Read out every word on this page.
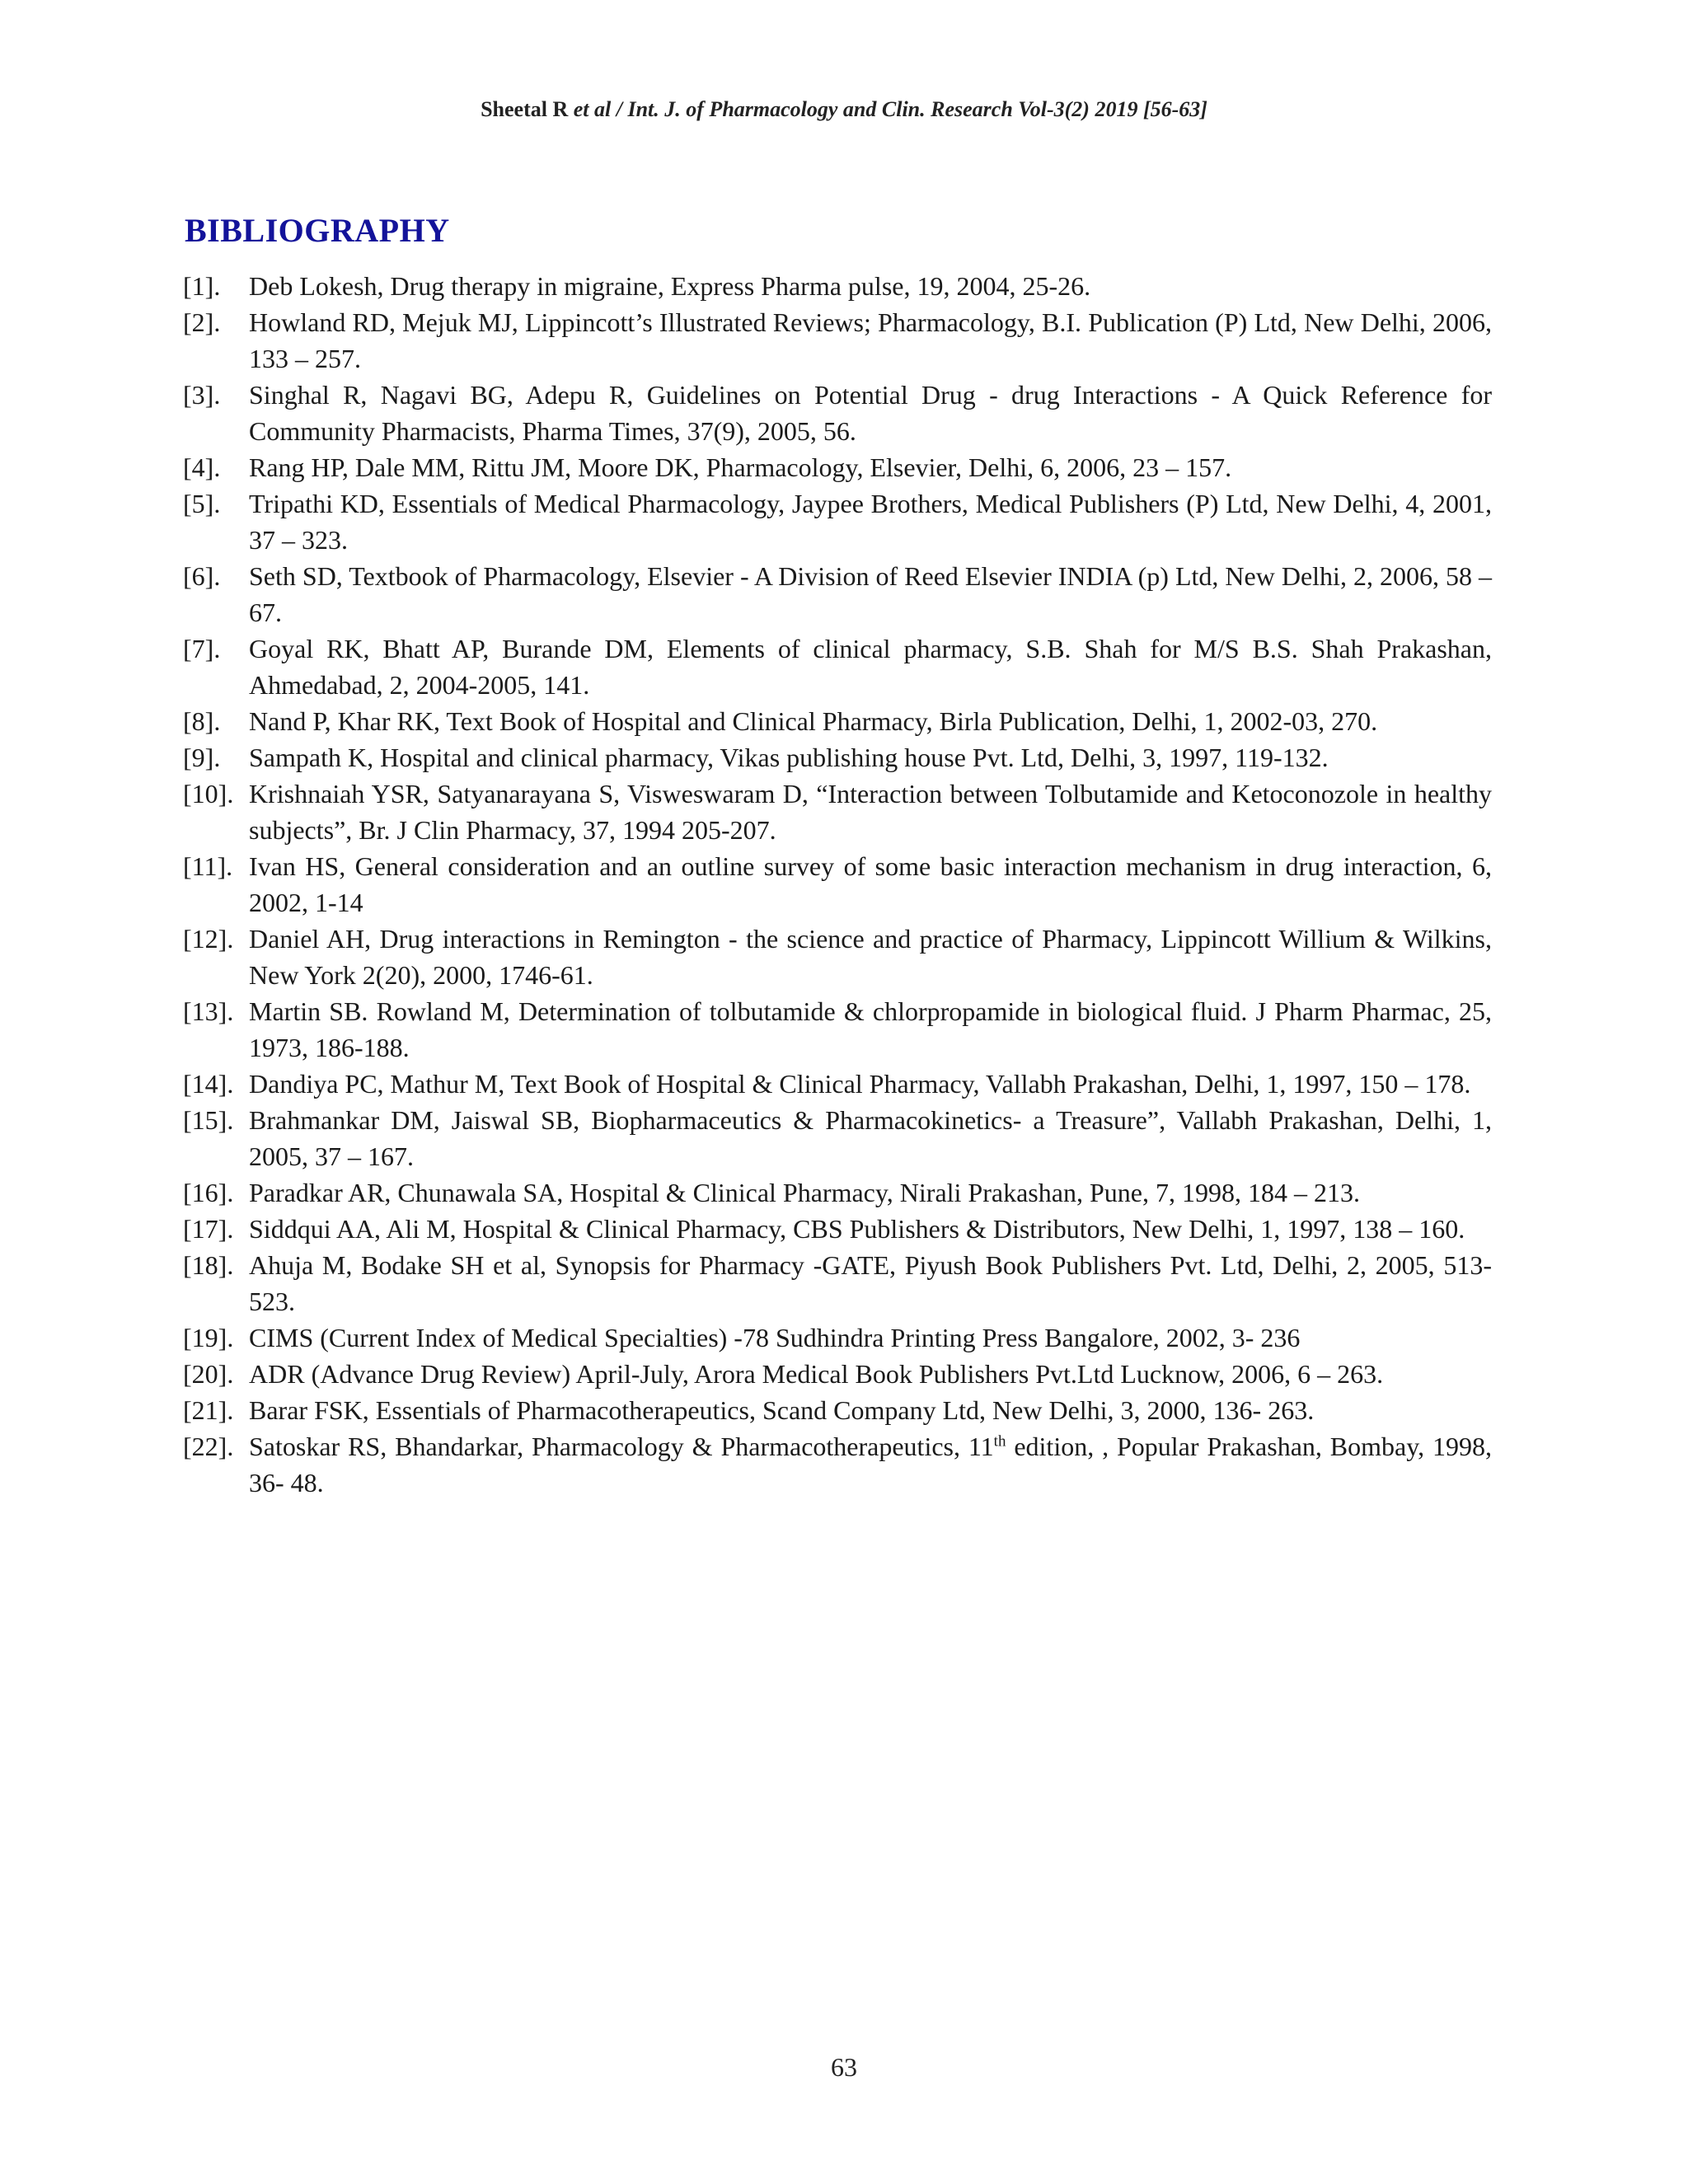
Sheetal R et al / Int. J. of Pharmacology and Clin. Research Vol-3(2) 2019 [56-63]
BIBLIOGRAPHY
[1].	Deb Lokesh, Drug therapy in migraine, Express Pharma pulse, 19, 2004, 25-26.
[2].	Howland RD, Mejuk MJ, Lippincott’s Illustrated Reviews; Pharmacology, B.I. Publication (P) Ltd, New Delhi, 2006, 133 – 257.
[3].	Singhal R, Nagavi BG, Adepu R, Guidelines on Potential Drug - drug Interactions - A Quick Reference for Community Pharmacists, Pharma Times, 37(9), 2005, 56.
[4].	Rang HP, Dale MM, Rittu JM, Moore DK, Pharmacology, Elsevier, Delhi, 6, 2006, 23 – 157.
[5].	Tripathi KD, Essentials of Medical Pharmacology, Jaypee Brothers, Medical Publishers (P) Ltd, New Delhi, 4, 2001, 37 – 323.
[6].	Seth SD, Textbook of Pharmacology, Elsevier - A Division of Reed Elsevier INDIA (p) Ltd, New Delhi, 2, 2006, 58 – 67.
[7].	Goyal RK, Bhatt AP, Burande DM, Elements of clinical pharmacy, S.B. Shah for M/S B.S. Shah Prakashan, Ahmedabad, 2, 2004-2005, 141.
[8].	Nand P, Khar RK, Text Book of Hospital and Clinical Pharmacy, Birla Publication, Delhi, 1, 2002-03, 270.
[9].	Sampath K, Hospital and clinical pharmacy, Vikas publishing house Pvt. Ltd, Delhi, 3, 1997, 119-132.
[10]. Krishnaiah YSR, Satyanarayana S, Visweswaram D, “Interaction between Tolbutamide and Ketoconozole in healthy subjects”, Br. J Clin Pharmacy, 37, 1994 205-207.
[11]. Ivan HS, General consideration and an outline survey of some basic interaction mechanism in drug interaction, 6, 2002, 1-14
[12]. Daniel AH, Drug interactions in Remington - the science and practice of Pharmacy, Lippincott Willium & Wilkins, New York 2(20), 2000, 1746-61.
[13]. Martin SB. Rowland M, Determination of tolbutamide & chlorpropamide in biological fluid. J Pharm Pharmac, 25, 1973, 186-188.
[14]. Dandiya PC, Mathur M, Text Book of Hospital & Clinical Pharmacy, Vallabh Prakashan, Delhi, 1, 1997, 150 – 178.
[15]. Brahmankar DM, Jaiswal SB, Biopharmaceutics & Pharmacokinetics- a Treasure”, Vallabh Prakashan, Delhi, 1, 2005, 37 – 167.
[16]. Paradkar AR, Chunawala SA, Hospital & Clinical Pharmacy, Nirali Prakashan, Pune, 7, 1998, 184 – 213.
[17]. Siddqui AA, Ali M, Hospital & Clinical Pharmacy, CBS Publishers & Distributors, New Delhi, 1, 1997, 138 – 160.
[18]. Ahuja M, Bodake SH et al, Synopsis for Pharmacy -GATE, Piyush Book Publishers Pvt. Ltd, Delhi, 2, 2005, 513-523.
[19]. CIMS (Current Index of Medical Specialties) -78 Sudhindra Printing Press Bangalore, 2002, 3- 236
[20]. ADR (Advance Drug Review) April-July, Arora Medical Book Publishers Pvt.Ltd Lucknow, 2006, 6 – 263.
[21]. Barar FSK, Essentials of Pharmacotherapeutics, Scand Company Ltd, New Delhi, 3, 2000, 136- 263.
[22]. Satoskar RS, Bhandarkar, Pharmacology & Pharmacotherapeutics, 11th edition, , Popular Prakashan, Bombay, 1998, 36- 48.
63
